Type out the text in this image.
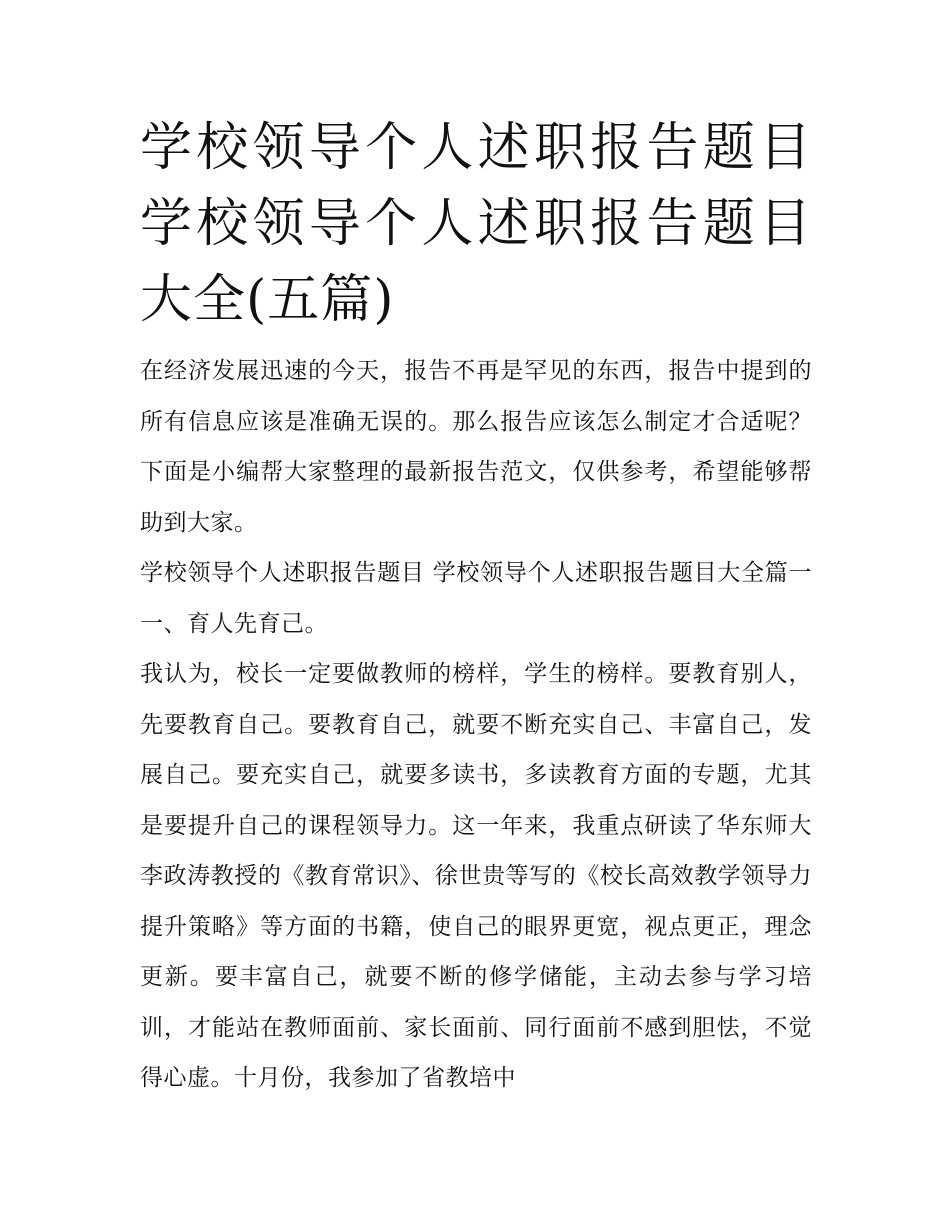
学校领导个人述职报告题目 学校领导个人述职报告题目大全(五篇)

在经济发展迅速的今天，报告不再是罕见的东西，报告中提到的所有信息应该是准确无误的。那么报告应该怎么制定才合适呢？下面是小编帮大家整理的最新报告范文，仅供参考，希望能够帮助到大家。

学校领导个人述职报告题目 学校领导个人述职报告题目大全篇一 一、育人先育己。

我认为，校长一定要做教师的榜样，学生的榜样。要教育别人，先要教育自己。要教育自己，就要不断充实自己、丰富自己，发展自己。要充实自己，就要多读书，多读教育方面的专题，尤其是要提升自己的课程领导力。这一年来，我重点研读了华东师大李政涛教授的《教育常识》、徐世贵等写的《校长高效教学领导力提升策略》等方面的书籍，使自己的眼界更宽，视点更正，理念更新。要丰富自己，就要不断的修学储能，主动去参与学习培训，才能站在教师面前、家长面前、同行面前不感到胆怯，不觉得心虚。十月份，我参加了省教培中
